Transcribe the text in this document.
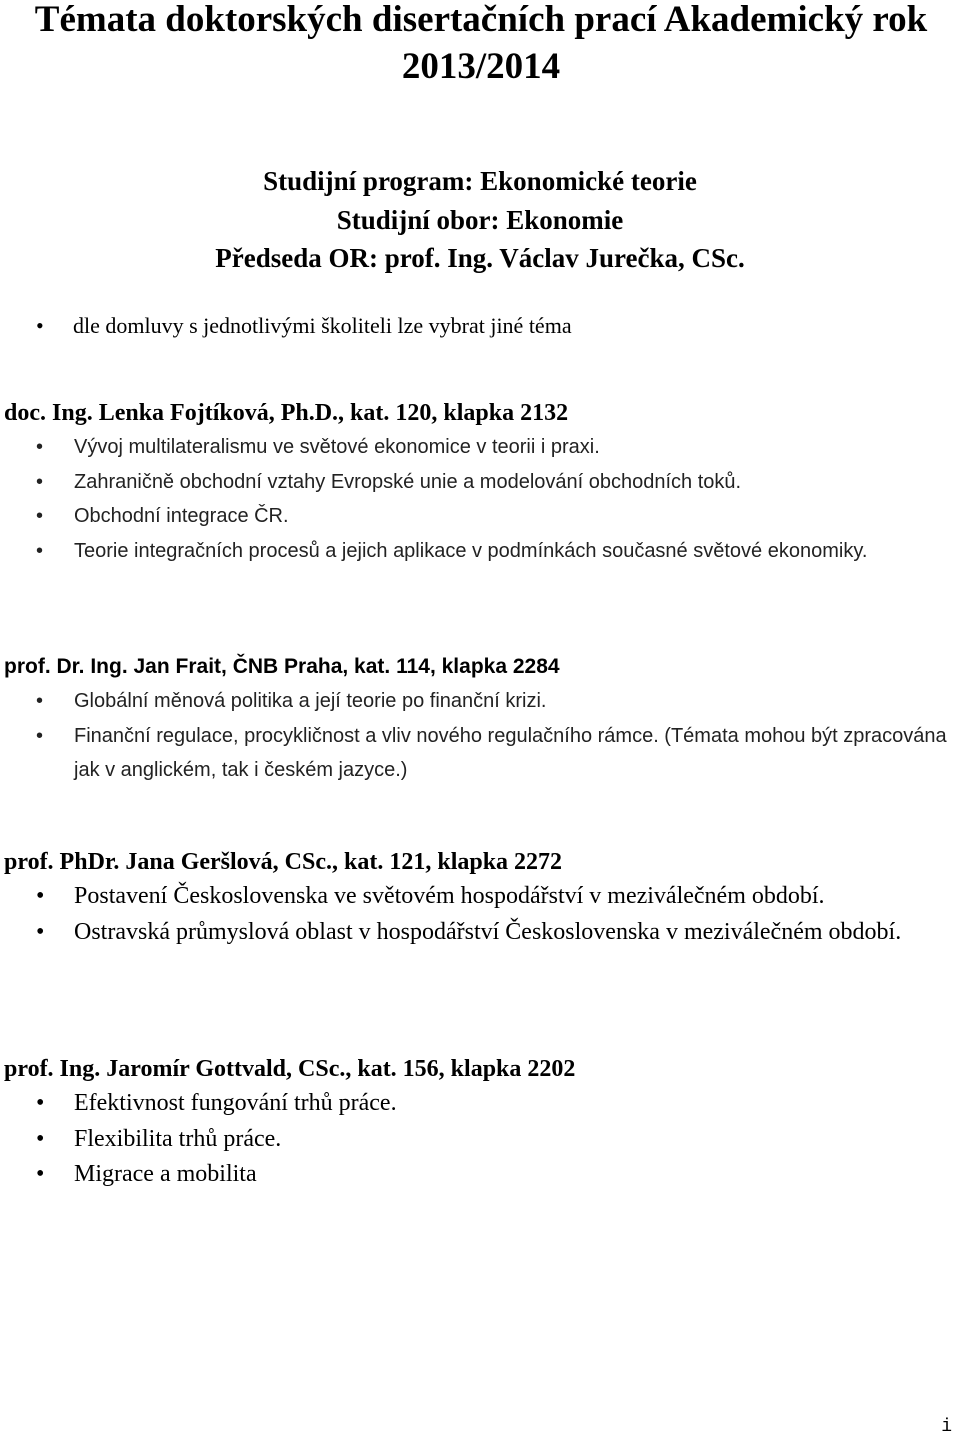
Témata doktorských disertačních prací Akademický rok 2013/2014
Studijní program: Ekonomické teorie
Studijní obor: Ekonomie
Předseda OR: prof. Ing. Václav Jurečka, CSc.
• dle domluvy s jednotlivými školiteli lze vybrat jiné téma

doc. Ing. Lenka Fojtíková, Ph.D., kat. 120, klapka 2132

• Vývoj multilateralismu ve světové ekonomice v teorii i praxi.
• Zahraničně obchodní vztahy Evropské unie a modelování obchodních toků.
• Obchodní integrace ČR.
• Teorie integračních procesů a jejich aplikace v podmínkách současné světové ekonomiky.

prof. Dr. Ing. Jan Frait, ČNB Praha, kat. 114, klapka 2284

• Globální měnová politika a její teorie po finanční krizi.
• Finanční regulace, procykličnost a vliv nového regulačního rámce. (Témata mohou být zpracována jak v anglickém, tak i českém jazyce.)

prof. PhDr. Jana Geršlová, CSc., kat. 121, klapka 2272

• Postavení Československa ve světovém hospodářství v meziválečném období.
• Ostravská průmyslová oblast v hospodářství Československa v meziválečném období.

prof. Ing. Jaromír Gottvald, CSc., kat. 156, klapka 2202

• Efektivnost fungování trhů práce.
• Flexibilita trhů práce.
• Migrace a mobilita
i
